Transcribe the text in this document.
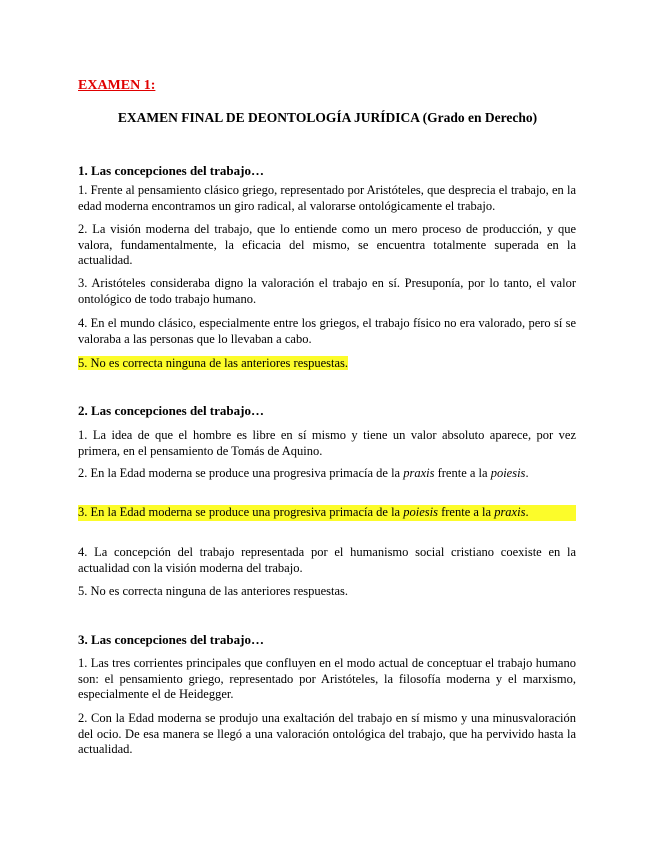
EXAMEN 1:
EXAMEN FINAL DE DEONTOLOGÍA JURÍDICA (Grado en Derecho)
1. Las concepciones del trabajo…
1. Frente al pensamiento clásico griego, representado por Aristóteles, que desprecia el trabajo, en la edad moderna encontramos un giro radical, al valorarse ontológicamente el trabajo.
2. La visión moderna del trabajo, que lo entiende como un mero proceso de producción, y que valora, fundamentalmente, la eficacia del mismo, se encuentra totalmente superada en la actualidad.
3. Aristóteles consideraba digno la valoración el trabajo en sí. Presuponía, por lo tanto, el valor ontológico de todo trabajo humano.
4. En el mundo clásico, especialmente entre los griegos, el trabajo físico no era valorado, pero sí se valoraba a las personas que lo llevaban a cabo.
5. No es correcta ninguna de las anteriores respuestas.
2. Las concepciones del trabajo…
1. La idea de que el hombre es libre en sí mismo y tiene un valor absoluto aparece, por vez primera, en el pensamiento de Tomás de Aquino.
2. En la Edad moderna se produce una progresiva primacía de la praxis frente a la poiesis.
3. En la Edad moderna se produce una progresiva primacía de la poiesis frente a la praxis.
4. La concepción del trabajo representada por el humanismo social cristiano coexiste en la actualidad con la visión moderna del trabajo.
5. No es correcta ninguna de las anteriores respuestas.
3. Las concepciones del trabajo…
1. Las tres corrientes principales que confluyen en el modo actual de conceptuar el trabajo humano son: el pensamiento griego, representado por Aristóteles, la filosofía moderna y el marxismo, especialmente el de Heidegger.
2. Con la Edad moderna se produjo una exaltación del trabajo en sí mismo y una minusvaloración del ocio. De esa manera se llegó a una valoración ontológica del trabajo, que ha pervivido hasta la actualidad.
